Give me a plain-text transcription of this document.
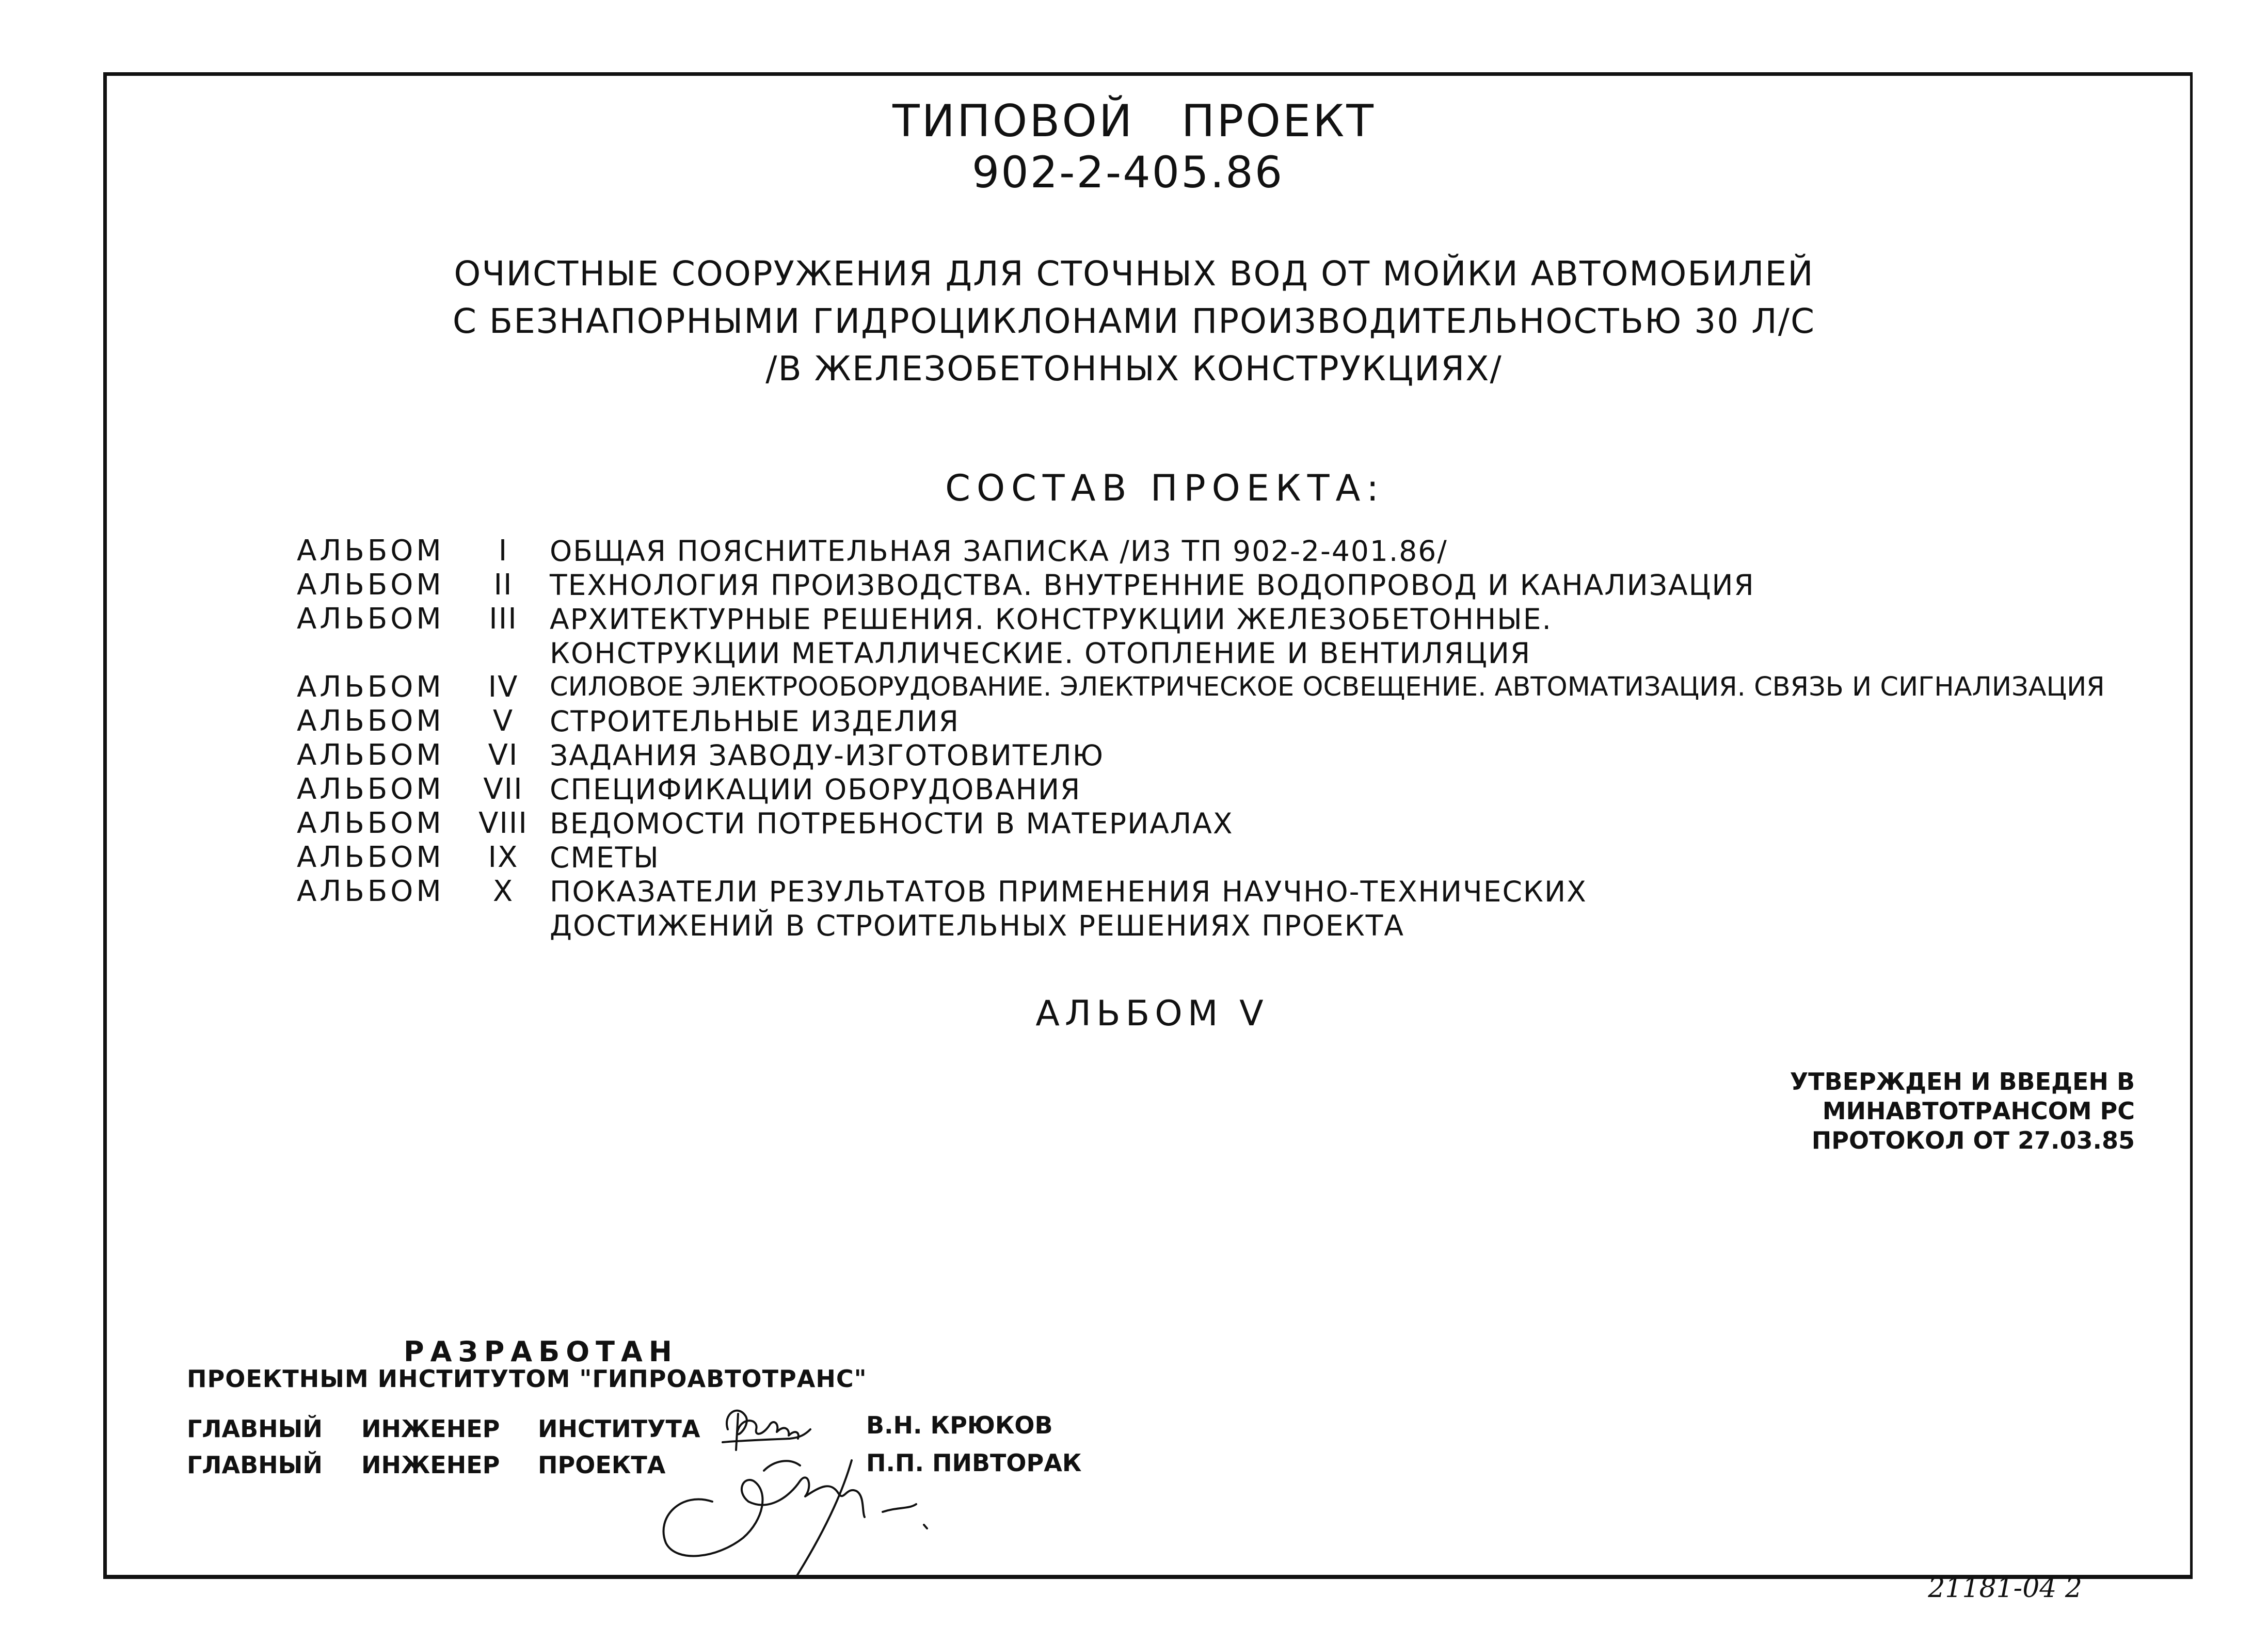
ТИПОВОЙ ПРОЕКТ
902-2-405.86
ОЧИСТНЫЕ СООРУЖЕНИЯ ДЛЯ СТОЧНЫХ ВОД ОТ МОЙКИ АВТОМОБИЛЕЙ
С БЕЗНАПОРНЫМИ ГИДРОЦИКЛОНАМИ ПРОИЗВОДИТЕЛЬНОСТЬЮ 30 Л/С
/В ЖЕЛЕЗОБЕТОННЫХ КОНСТРУКЦИЯХ/
СОСТАВ ПРОЕКТА:
АЛЬБОМ	I	ОБЩАЯ ПОЯСНИТЕЛЬНАЯ ЗАПИСКА /ИЗ ТП 902-2-401.86/
АЛЬБОМ	II	ТЕХНОЛОГИЯ ПРОИЗВОДСТВА. ВНУТРЕННИЕ ВОДОПРОВОД И КАНАЛИЗАЦИЯ
АЛЬБОМ	III	АРХИТЕКТУРНЫЕ РЕШЕНИЯ. КОНСТРУКЦИИ ЖЕЛЕЗОБЕТОННЫЕ.
КОНСТРУКЦИИ МЕТАЛЛИЧЕСКИЕ. ОТОПЛЕНИЕ И ВЕНТИЛЯЦИЯ
АЛЬБОМ	IV	СИЛОВОЕ ЭЛЕКТРООБОРУДОВАНИЕ. ЭЛЕКТРИЧЕСКОЕ ОСВЕЩЕНИЕ. АВТОМАТИЗАЦИЯ. СВЯЗЬ И СИГНАЛИЗАЦИЯ
АЛЬБОМ	V	СТРОИТЕЛЬНЫЕ ИЗДЕЛИЯ
АЛЬБОМ	VI	ЗАДАНИЯ ЗАВОДУ-ИЗГОТОВИТЕЛЮ
АЛЬБОМ	VII СПЕЦИФИКАЦИИ ОБОРУДОВАНИЯ
АЛЬБОМ	VIII ВЕДОМОСТИ ПОТРЕБНОСТИ В МАТЕРИАЛАХ
АЛЬБОМ	IX	СМЕТЫ
АЛЬБОМ	X	ПОКАЗАТЕЛИ РЕЗУЛЬТАТОВ ПРИМЕНЕНИЯ НАУЧНО-ТЕХНИЧЕСКИХ
ДОСТИЖЕНИЙ В СТРОИТЕЛЬНЫХ РЕШЕНИЯХ ПРОЕКТА
АЛЬБОМ V
УТВЕРЖДЕН И ВВЕДЕН В
МИНАВТОТРАНСОМ РС
ПРОТОКОЛ ОТ 27.03.85
РАЗРАБОТАН
ПРОЕКТНЫМ ИНСТИТУТОМ "ГИПРОАВТОТРАНС"
ГЛАВНЫЙ ИНЖЕНЕР ИНСТИТУТА	В.Н. КРЮКОВ
ГЛАВНЫЙ ИНЖЕНЕР ПРОЕКТА	П.П. ПИВТОРАК
21181-04 2
